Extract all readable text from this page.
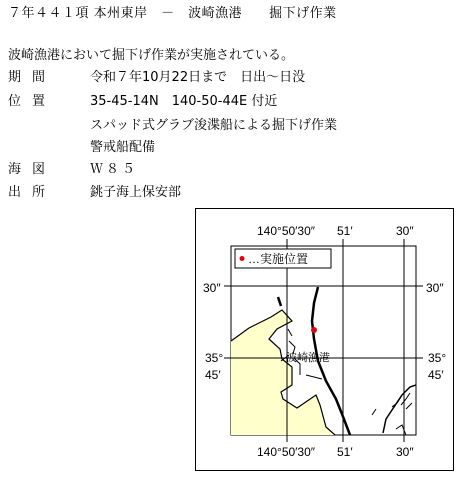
７年４４１項 本州東岸　－　波崎漁港　　掘下げ作業
波崎漁港において掘下げ作業が実施されている。
期間	令和７年10月22日まで　日出～日没
位置	35-45-14N　140-50-44E 付近
スパッド式グラブ浚渫船による掘下げ作業
警戒船配備
海図	Ｗ８５
出所	銚子海上保安部
…実施位置
波崎漁港
140°50′30″ 51′	30″
140°50′30″ 51′	30″
30″
35°
45′
30″
35°
45′
